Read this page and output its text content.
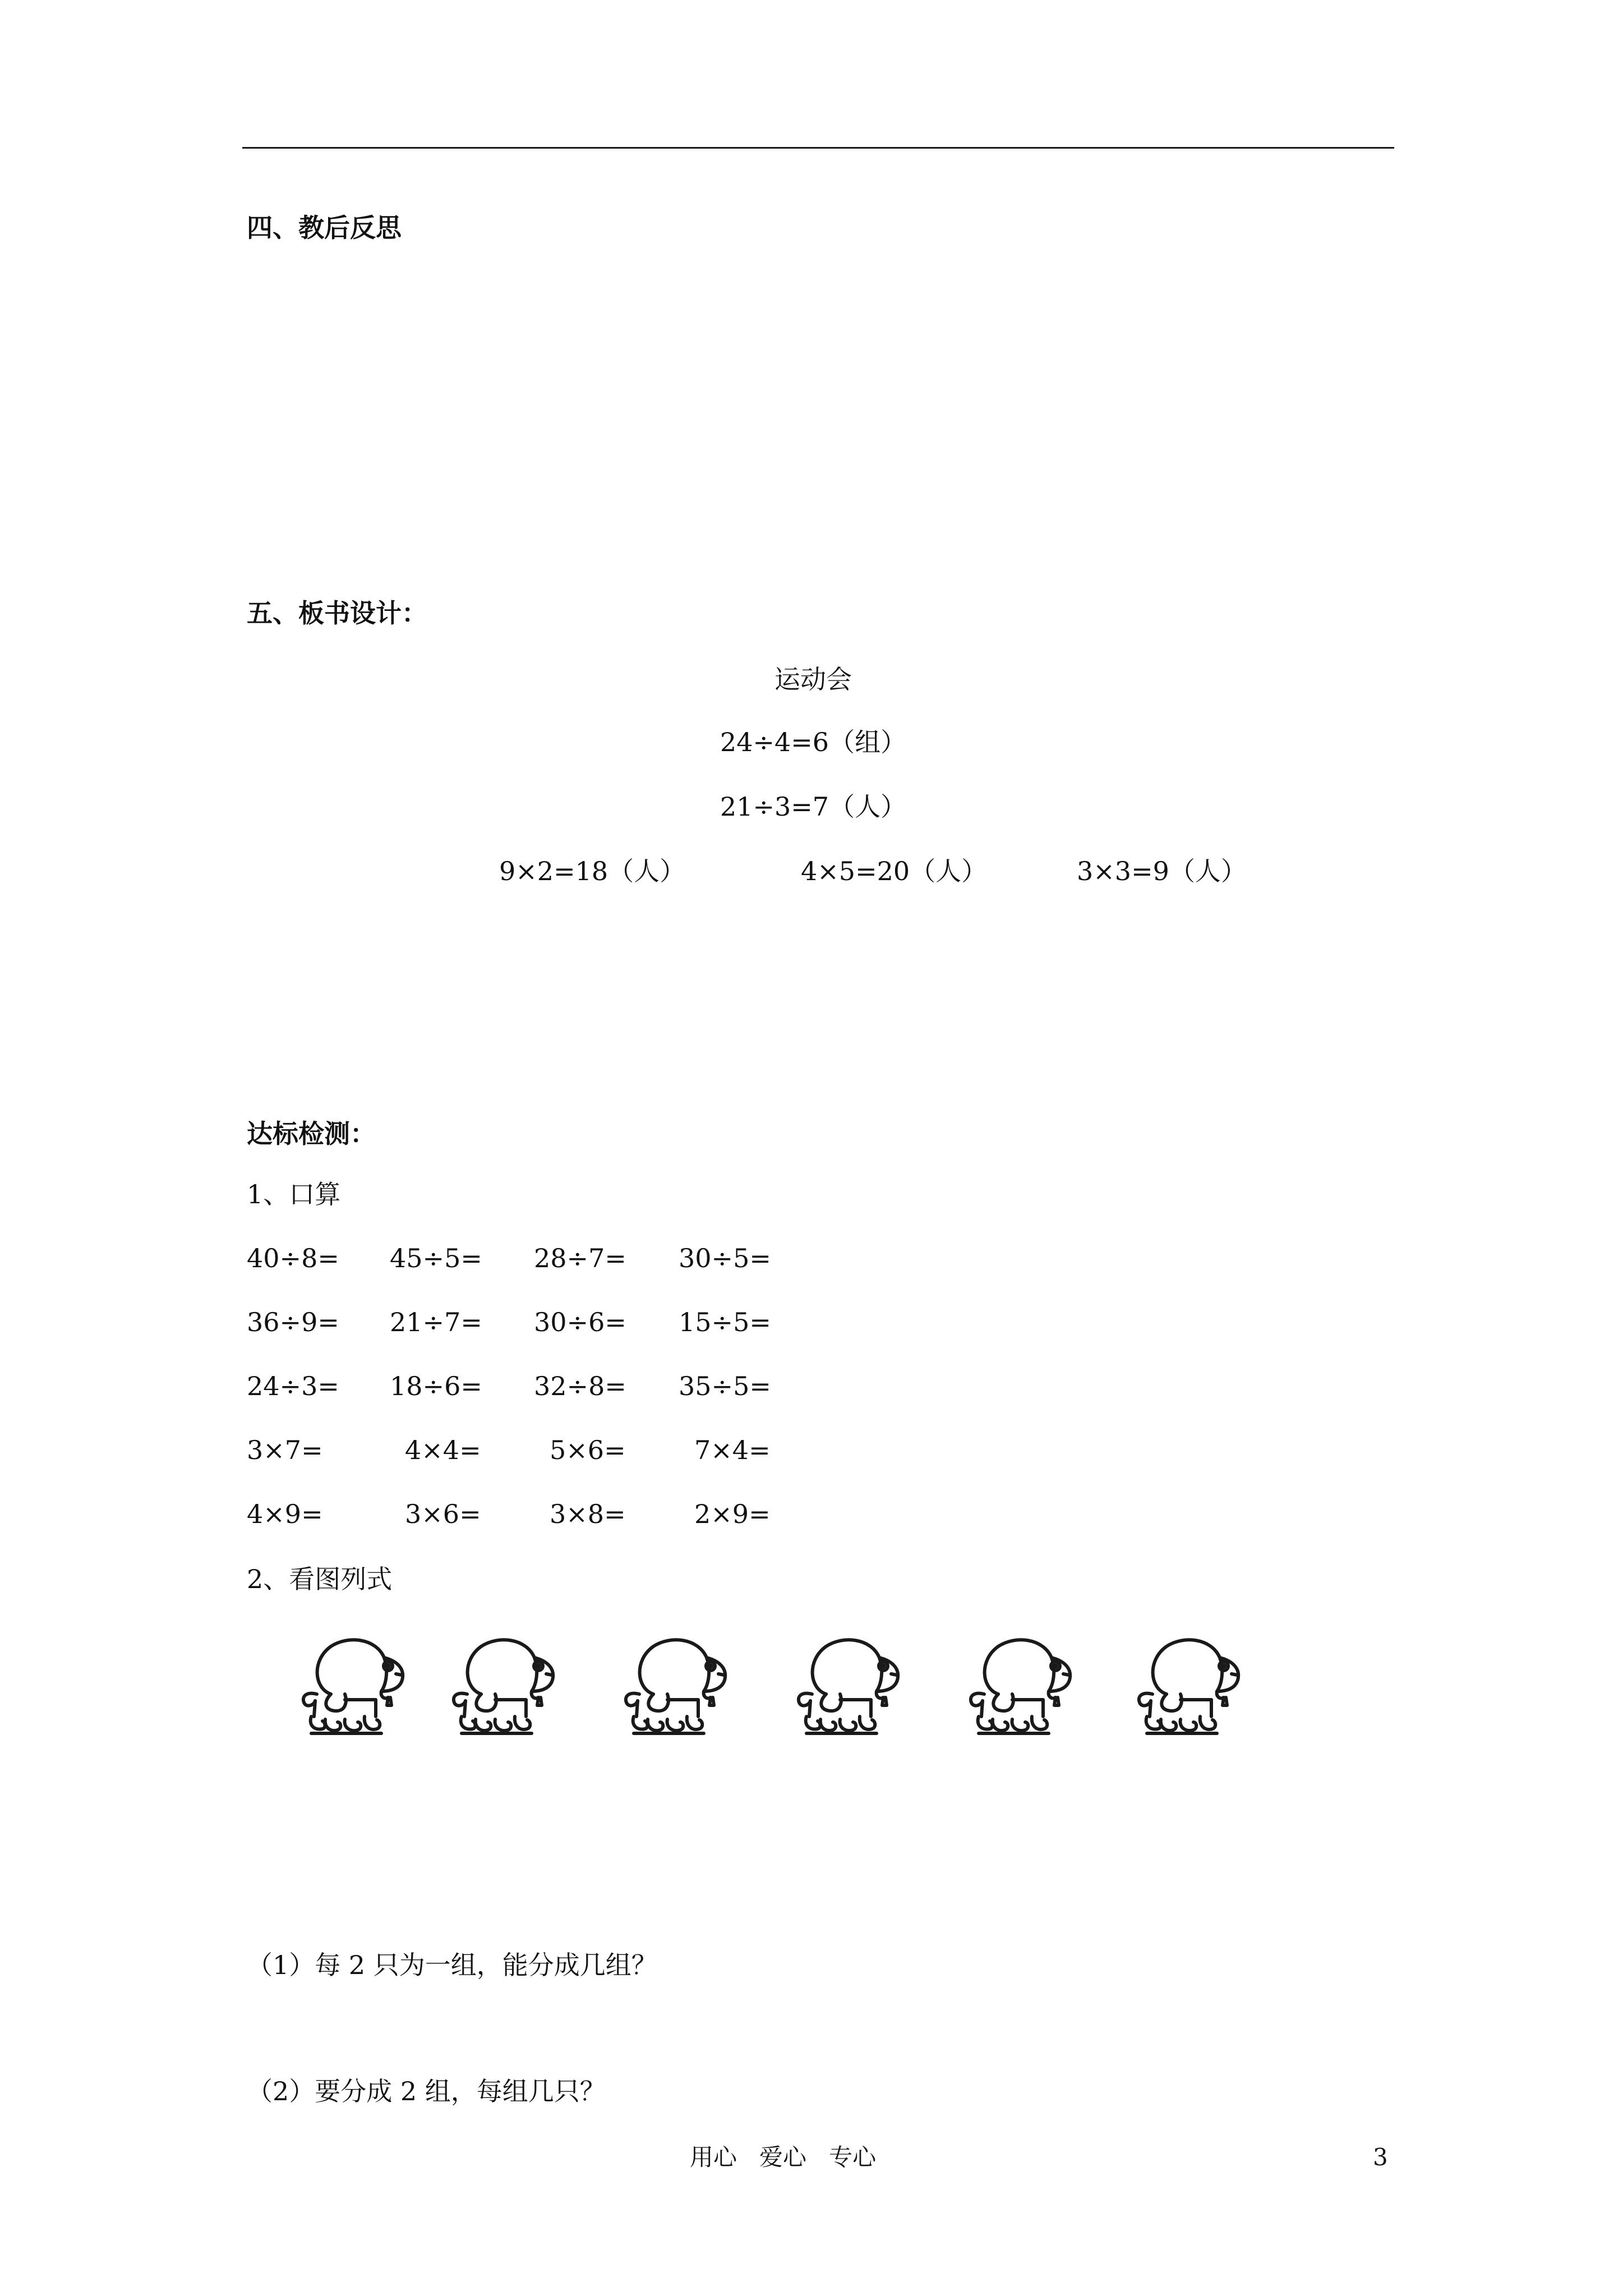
四、教后反思
五、板书设计：
运动会
24÷4=6（组）
21÷3=7（人）
9×2=18（人）	4×5=20（人）	3×3=9（人）
达标检测：
1、口算
40÷8= 45÷5= 28÷7= 30÷5=
36÷9= 21÷7= 30÷6= 15÷5=
24÷3= 18÷6= 32÷8= 35÷5=
3×7=	4×4=	5×6=	7×4=
4×9=	3×6=	3×8=	2×9=
2、看图列式
（1）每 2 只为一组，能分成几组？
（2）要分成 2 组，每组几只？
用心   爱心   专心	3
